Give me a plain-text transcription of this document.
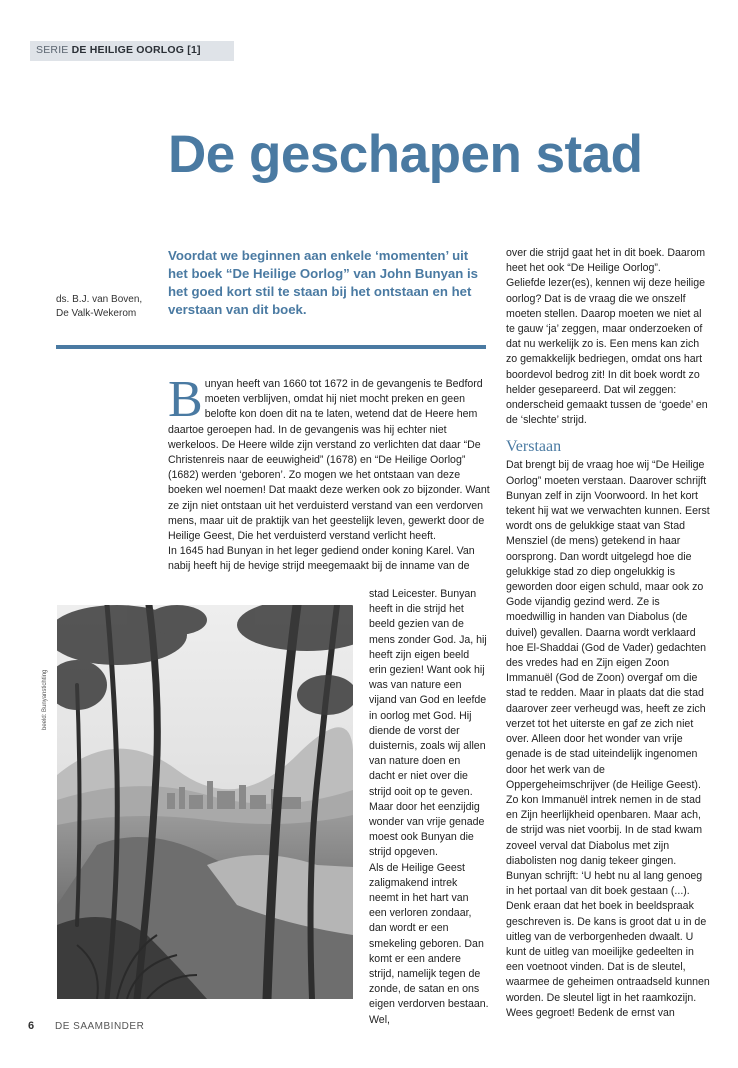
SERIE DE HEILIGE OORLOG [1]
De geschapen stad
ds. B.J. van Boven,
De Valk-Wekerom
Voordat we beginnen aan enkele ‘momenten’ uit het boek “De Heilige Oorlog” van John Bunyan is het goed kort stil te staan bij het ontstaan en het verstaan van dit boek.

Bunyan heeft van 1660 tot 1672 in de gevangenis te Bedford moeten verblijven, omdat hij niet mocht preken en geen belofte kon doen dit na te laten, wetend dat de Heere hem daartoe geroepen had. In de gevangenis was hij echter niet werkeloos. De Heere wilde zijn verstand zo verlichten dat daar “De Christenreis naar de eeuwigheid” (1678) en “De Heilige Oorlog” (1682) werden ‘geboren’. Zo mogen we het ontstaan van deze boeken wel noemen! Dat maakt deze werken ook zo bijzonder. Want ze zijn niet ontstaan uit het verduisterd verstand van een verdorven mens, maar uit de praktijk van het geestelijk leven, gewerkt door de Heilige Geest, Die het verduisterd verstand verlicht heeft.

In 1645 had Bunyan in het leger gediend onder koning Karel. Van nabij heeft hij de hevige strijd meegemaakt bij de inname van de

beeld: Bunyanstichting

stad Leicester. Bunyan heeft in die strijd het beeld gezien van de mens zonder God. Ja, hij heeft zijn eigen beeld erin gezien! Want ook hij was van nature een vijand van God en leefde in oorlog met God. Hij diende de vorst der duisternis, zoals wij allen van nature doen en dacht er niet over die strijd ooit op te geven. Maar door het eenzijdig wonder van vrije genade moest ook Bunyan die strijd opgeven.

Als de Heilige Geest zaligmakend intrek neemt in het hart van een verloren zondaar, dan wordt er een smekeling geboren. Dan komt er een andere strijd, namelijk tegen de zonde, de satan en ons eigen verdorven bestaan. Wel,

over die strijd gaat het in dit boek. Daarom heet het ook “De Heilige Oorlog”.

Geliefde lezer(es), kennen wij deze heilige oorlog? Dat is de vraag die we onszelf moeten stellen. Daarop moeten we niet al te gauw ‘ja’ zeggen, maar onderzoeken of dat nu werkelijk zo is. Een mens kan zich zo gemakkelijk bedriegen, omdat ons hart boordevol bedrog zit! In dit boek wordt zo helder gesepareerd. Dat wil zeggen: onderscheid gemaakt tussen de ‘goede’ en de ‘slechte’ strijd.

Verstaan

Dat brengt bij de vraag hoe wij “De Heilige Oorlog” moeten verstaan. Daarover schrijft Bunyan zelf in zijn Voorwoord. In het kort tekent hij wat we verwachten kunnen. Eerst wordt ons de gelukkige staat van Stad Mensziel (de mens) getekend in haar oorsprong. Dan wordt uitgelegd hoe die gelukkige stad zo diep ongelukkig is geworden door eigen schuld, maar ook zo Gode vijandig gezind werd. Ze is moedwillig in handen van Diabolus (de duivel) gevallen. Daarna wordt verklaard hoe El-Shaddai (God de Vader) gedachten des vredes had en Zijn eigen Zoon Immanuël (God de Zoon) overgaf om die stad te redden. Maar in plaats dat die stad daarover zeer verheugd was, heeft ze zich verzet tot het uiterste en gaf ze zich niet over. Alleen door het wonder van vrije genade is de stad uiteindelijk ingenomen door het werk van de Oppergeheimschrijver (de Heilige Geest).

Zo kon Immanuël intrek nemen in de stad en Zijn heerlijkheid openbaren. Maar ach, de strijd was niet voorbij. In de stad kwam zoveel verval dat Diabolus met zijn diabolisten nog danig tekeer gingen.

Bunyan schrijft: ‘U hebt nu al lang genoeg in het portaal van dit boek gestaan (...). Denk eraan dat het boek in beeldspraak geschreven is. De kans is groot dat u in de uitleg van de verborgenheden dwaalt. U kunt de uitleg van moeilijke gedeelten in een voetnoot vinden. Dat is de sleutel, waarmee de geheimen ontraadseld kunnen worden. De sleutel ligt in het raamkozijn. Wees gegroet! Bedenk de ernst van

6 DE SAAMBINDER
